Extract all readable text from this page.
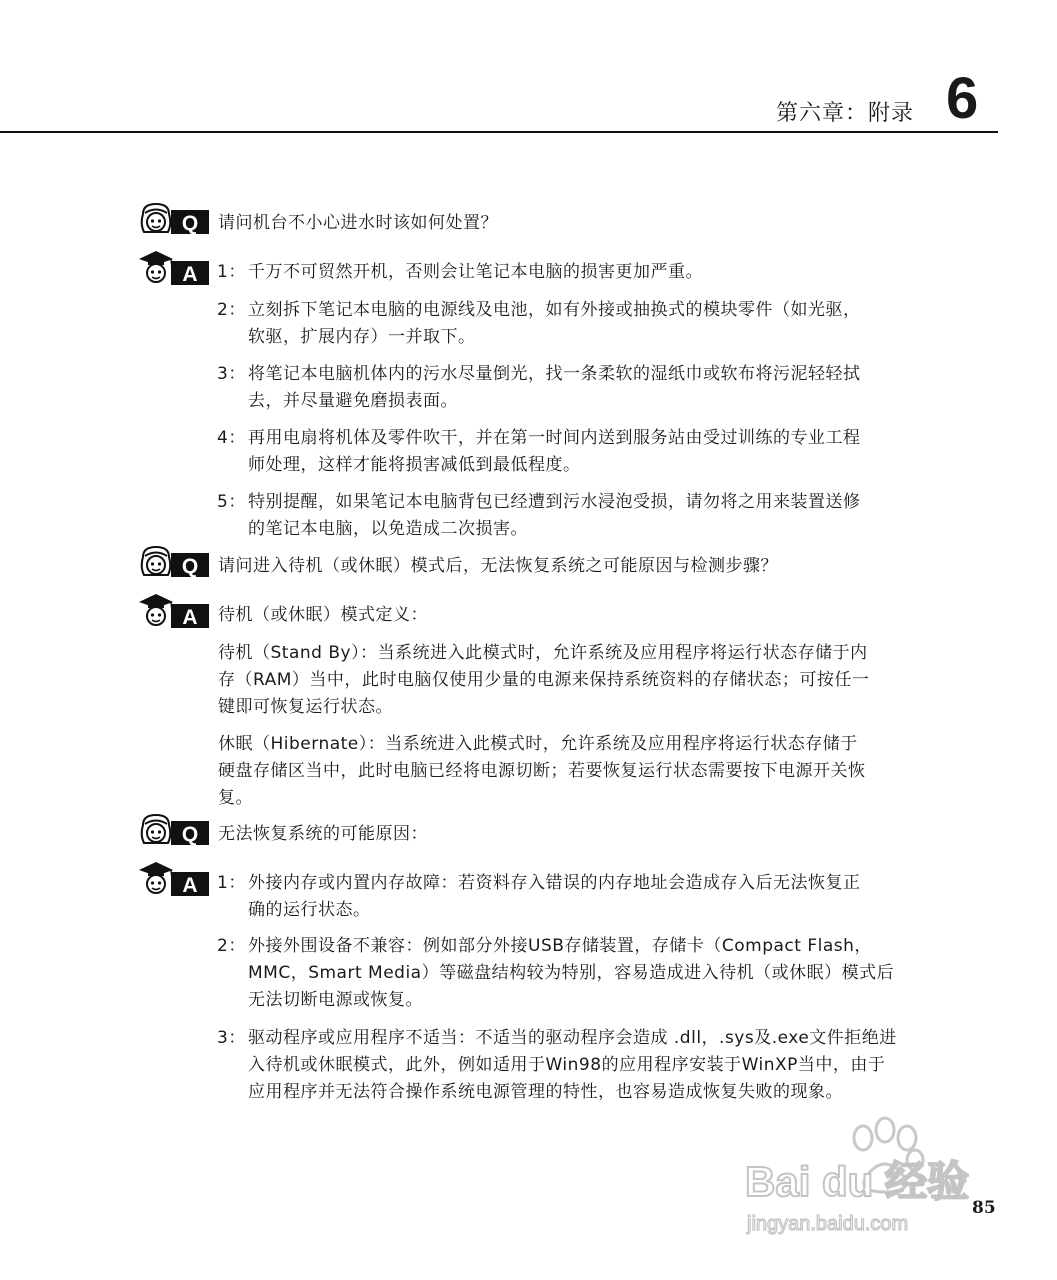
第六章：附录 6
Q 请问机台不小心进水时该如何处置？
A 1： 千万不可贸然开机，否则会让笔记本电脑的损害更加严重。
2： 立刻拆下笔记本电脑的电源线及电池，如有外接或抽换式的模块零件（如光驱，
软驱，扩展内存）一并取下。
3： 将笔记本电脑机体内的污水尽量倒光，找一条柔软的湿纸巾或软布将污泥轻轻拭
去，并尽量避免磨损表面。
4： 再用电扇将机体及零件吹干，并在第一时间内送到服务站由受过训练的专业工程
师处理，这样才能将损害减低到最低程度。
5： 特别提醒，如果笔记本电脑背包已经遭到污水浸泡受损，请勿将之用来装置送修
的笔记本电脑，以免造成二次损害。
Q 请问进入待机（或休眠）模式后，无法恢复系统之可能原因与检测步骤？
A 待机（或休眠）模式定义：
待机（Stand By）：当系统进入此模式时，允许系统及应用程序将运行状态存储于内
存（RAM）当中，此时电脑仅使用少量的电源来保持系统资料的存储状态；可按任一
键即可恢复运行状态。
休眠（Hibernate）：当系统进入此模式时，允许系统及应用程序将运行状态存储于
硬盘存储区当中，此时电脑已经将电源切断；若要恢复运行状态需要按下电源开关恢
复。
Q 无法恢复系统的可能原因：
A 1： 外接内存或内置内存故障：若资料存入错误的内存地址会造成存入后无法恢复正
确的运行状态。
2： 外接外围设备不兼容：例如部分外接USB存储装置，存储卡（Compact Flash，
MMC，Smart Media）等磁盘结构较为特别，容易造成进入待机（或休眠）模式后
无法切断电源或恢复。
3： 驱动程序或应用程序不适当：不适当的驱动程序会造成 .dll，.sys及.exe文件拒绝进
入待机或休眠模式，此外，例如适用于Win98的应用程序安装于WinXP当中，由于
应用程序并无法符合操作系统电源管理的特性，也容易造成恢复失败的现象。
Bai du 经验
jingyan.baidu.com
85
